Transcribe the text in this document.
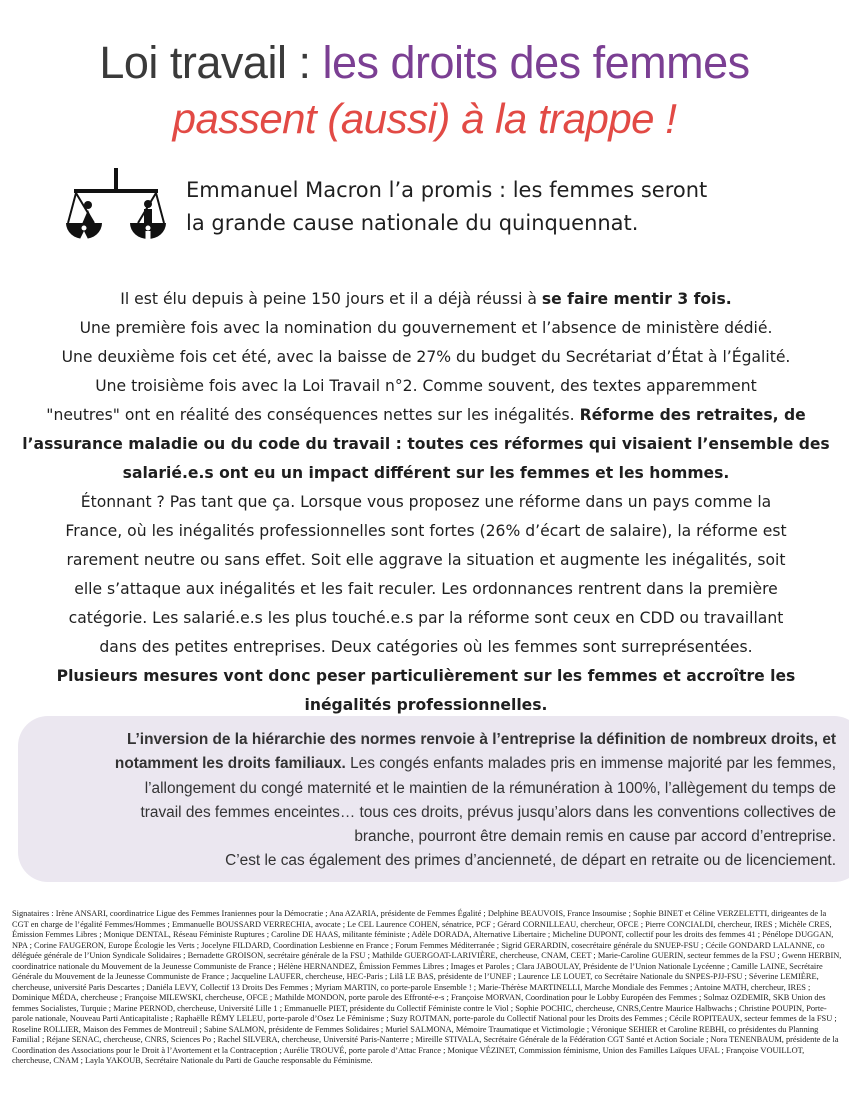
Loi travail : les droits des femmes
passent (aussi) à la trappe !
Emmanuel Macron l’a promis : les femmes seront
la grande cause nationale du quinquennat.
Il est élu depuis à peine 150 jours et il a déjà réussi à se faire mentir 3 fois.
Une première fois avec la nomination du gouvernement et l’absence de ministère dédié.
Une deuxième fois cet été, avec la baisse de 27% du budget du Secrétariat d’État à l’Égalité.
Une troisième fois avec la Loi Travail n°2. Comme souvent, des textes apparemment
"neutres" ont en réalité des conséquences nettes sur les inégalités. Réforme des retraites, de
l’assurance maladie ou du code du travail : toutes ces réformes qui visaient l’ensemble des
salarié.e.s ont eu un impact différent sur les femmes et les hommes.
Étonnant ? Pas tant que ça. Lorsque vous proposez une réforme dans un pays comme la
France, où les inégalités professionnelles sont fortes (26% d’écart de salaire), la réforme est
rarement neutre ou sans effet. Soit elle aggrave la situation et augmente les inégalités, soit
elle s’attaque aux inégalités et les fait reculer. Les ordonnances rentrent dans la première
catégorie. Les salarié.e.s les plus touché.e.s par la réforme sont ceux en CDD ou travaillant
dans des petites entreprises. Deux catégories où les femmes sont surreprésentées.
Plusieurs mesures vont donc peser particulièrement sur les femmes et accroître les
inégalités professionnelles.
L’inversion de la hiérarchie des normes renvoie à l’entreprise la définition de nombreux droits, et
notamment les droits familiaux. Les congés enfants malades pris en immense majorité par les femmes,
l’allongement du congé maternité et le maintien de la rémunération à 100%, l’allègement du temps de
travail des femmes enceintes… tous ces droits, prévus jusqu’alors dans les conventions collectives de
branche, pourront être demain remis en cause par accord d’entreprise.
C’est le cas également des primes d’ancienneté, de départ en retraite ou de licenciement.
Signataires : Irène ANSARI, coordinatrice Ligue des Femmes Iraniennes pour la Démocratie ; Ana AZARIA, présidente de Femmes Égalité ; Delphine BEAUVOIS, France Insoumise ; Sophie BINET et Céline VERZELETTI, dirigeantes de la CGT en charge de l’égalité Femmes/Hommes ; Emmanuelle BOUSSARD VERRECHIA, avocate ; Le CEL Laurence COHEN, sénatrice, PCF ; Gérard CORNILLEAU, chercheur, OFCE ; Pierre CONCIALDI, chercheur, IRES ; Michèle CRES, Émission Femmes Libres ; Monique DENTAL, Réseau Féministe Ruptures ; Caroline DE HAAS, militante féministe ; Adèle DORADA, Alternative Libertaire ; Micheline DUPONT, collectif pour les droits des femmes 41 ; Pénélope DUGGAN, NPA ; Corine FAUGERON, Europe Écologie les Verts ; Jocelyne FILDARD, Coordination Lesbienne en France ; Forum Femmes Méditerranée ; Sigrid GERARDIN, cosecrétaire générale du SNUEP-FSU ; Cécile GONDARD LALANNE, co déléguée générale de l’Union Syndicale Solidaires ; Bernadette GROISON, secrétaire générale de la FSU ; Mathilde GUERGOAT-LARIVIÈRE, chercheuse, CNAM, CEET ; Marie-Caroline GUERIN, secteur femmes de la FSU ; Gwenn HERBIN, coordinatrice nationale du Mouvement de la Jeunesse Communiste de France ; Hélène HERNANDEZ, Émission Femmes Libres ; Images et Paroles ; Clara JABOULAY, Présidente de l’Union Nationale Lycéenne ; Camille LAINE, Secrétaire Générale du Mouvement de la Jeunesse Communiste de France ; Jacqueline LAUFER, chercheuse, HEC-Paris ; Lilâ LE BAS, présidente de l’UNEF ; Laurence LE LOUET, co Secrétaire Nationale du SNPES-PJJ-FSU ; Séverine LEMIÈRE, chercheuse, université Paris Descartes ; Daniéla LEVY, Collectif 13 Droits Des Femmes ; Myriam MARTIN, co porte-parole Ensemble ! ; Marie-Thérèse MARTINELLI, Marche Mondiale des Femmes ; Antoine MATH, chercheur, IRES ; Dominique MÉDA, chercheuse ; Françoise MILEWSKI, chercheuse, OFCE ; Mathilde MONDON, porte parole des Effronté-e-s ; Françoise MORVAN, Coordination pour le Lobby Européen des Femmes ; Solmaz OZDEMIR, SKB Union des femmes Socialistes, Turquie ; Marine PERNOD, chercheuse, Université Lille 1 ; Emmanuelle PIET, présidente du Collectif Féministe contre le Viol ; Sophie POCHIC, chercheuse, CNRS,Centre Maurice Halbwachs ; Christine POUPIN, Porte-parole nationale, Nouveau Parti Anticapitaliste ; Raphaëlle RÉMY LELEU, porte-parole d’Osez Le Féminisme ; Suzy ROJTMAN, porte-parole du Collectif National pour les Droits des Femmes ; Cécile ROPITEAUX, secteur femmes de la FSU ; Roseline ROLLIER, Maison des Femmes de Montreuil ; Sabine SALMON, présidente de Femmes Solidaires ; Muriel SALMONA, Mémoire Traumatique et Victimologie ; Véronique SEHIER et Caroline REBHI, co présidentes du Planning Familial ; Réjane SENAC, chercheuse, CNRS, Sciences Po ; Rachel SILVERA, chercheuse, Université Paris-Nanterre ; Mireille STIVALA, Secrétaire Générale de la Fédération CGT Santé et Action Sociale ; Nora TENENBAUM, présidente de la Coordination des Associations pour le Droit à l’Avortement et la Contraception ; Aurélie TROUVÉ, porte parole d’Attac France ; Monique VÉZINET, Commission féminisme, Union des Familles Laïques UFAL ; Françoise VOUILLOT, chercheuse, CNAM ; Layla YAKOUB, Secrétaire Nationale du Parti de Gauche responsable du Féminisme.
